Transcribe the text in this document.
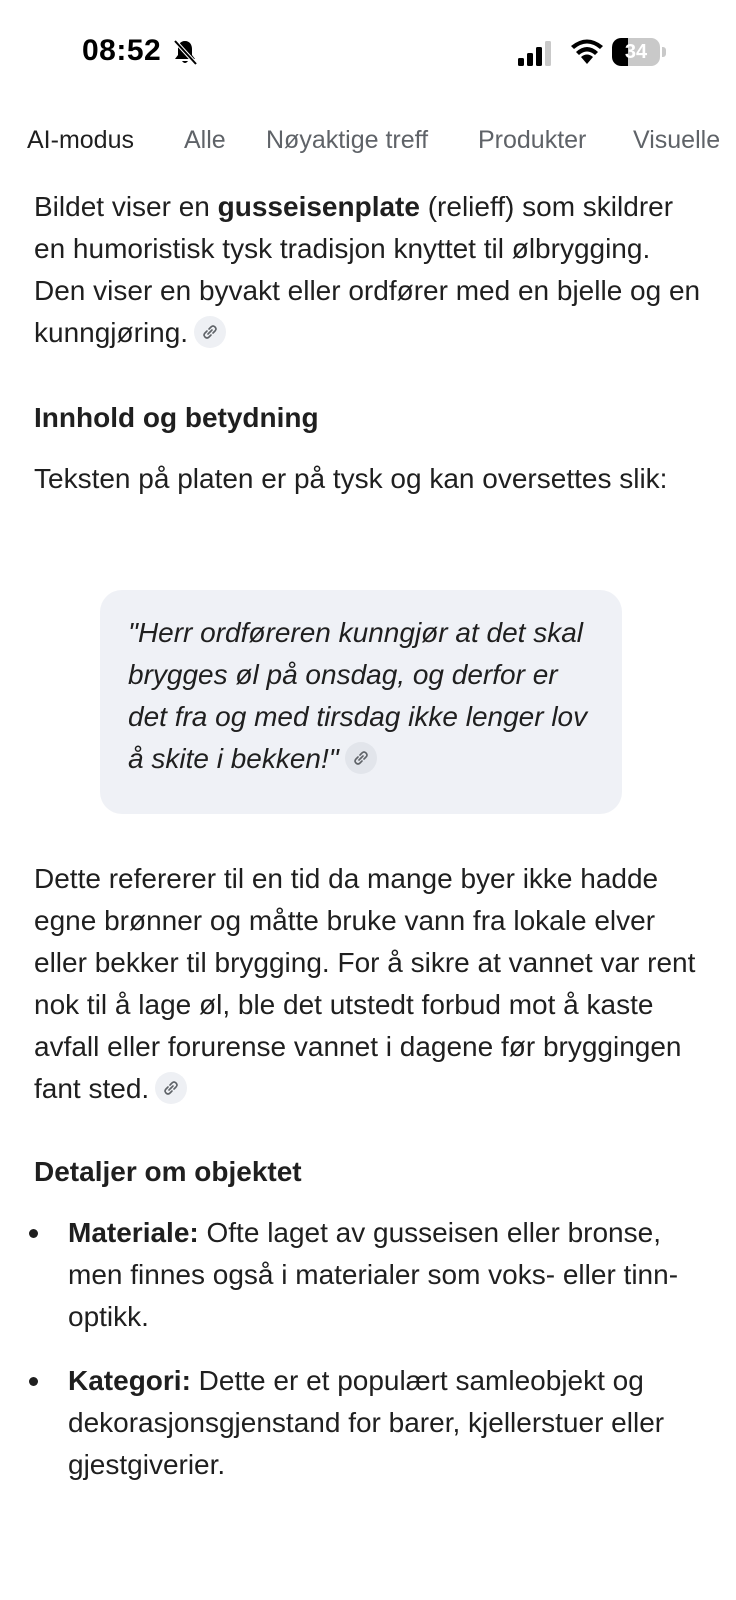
08:52	34
AI-modus Alle Nøyaktige treff Produkter Visuelle

Bildet viser en gusseisenplate (relieff) som skildrer en humoristisk tysk tradisjon knyttet til ølbrygging. Den viser en byvakt eller ordfører med en bjelle og en kunngjøring.

Innhold og betydning

Teksten på platen er på tysk og kan oversettes slik:

"Herr ordføreren kunngjør at det skal brygges øl på onsdag, og derfor er det fra og med tirsdag ikke lenger lov å skite i bekken!"

Dette refererer til en tid da mange byer ikke hadde egne brønner og måtte bruke vann fra lokale elver eller bekker til brygging. For å sikre at vannet var rent nok til å lage øl, ble det utstedt forbud mot å kaste avfall eller forurense vannet i dagene før bryggingen fant sted.

Detaljer om objektet
Materiale: Ofte laget av gusseisen eller bronse, men finnes også i materialer som voks- eller tinn-optikk.
Kategori: Dette er et populært samleobjekt og dekorasjonsgjenstand for barer, kjellerstuer eller gjestgiverier.
